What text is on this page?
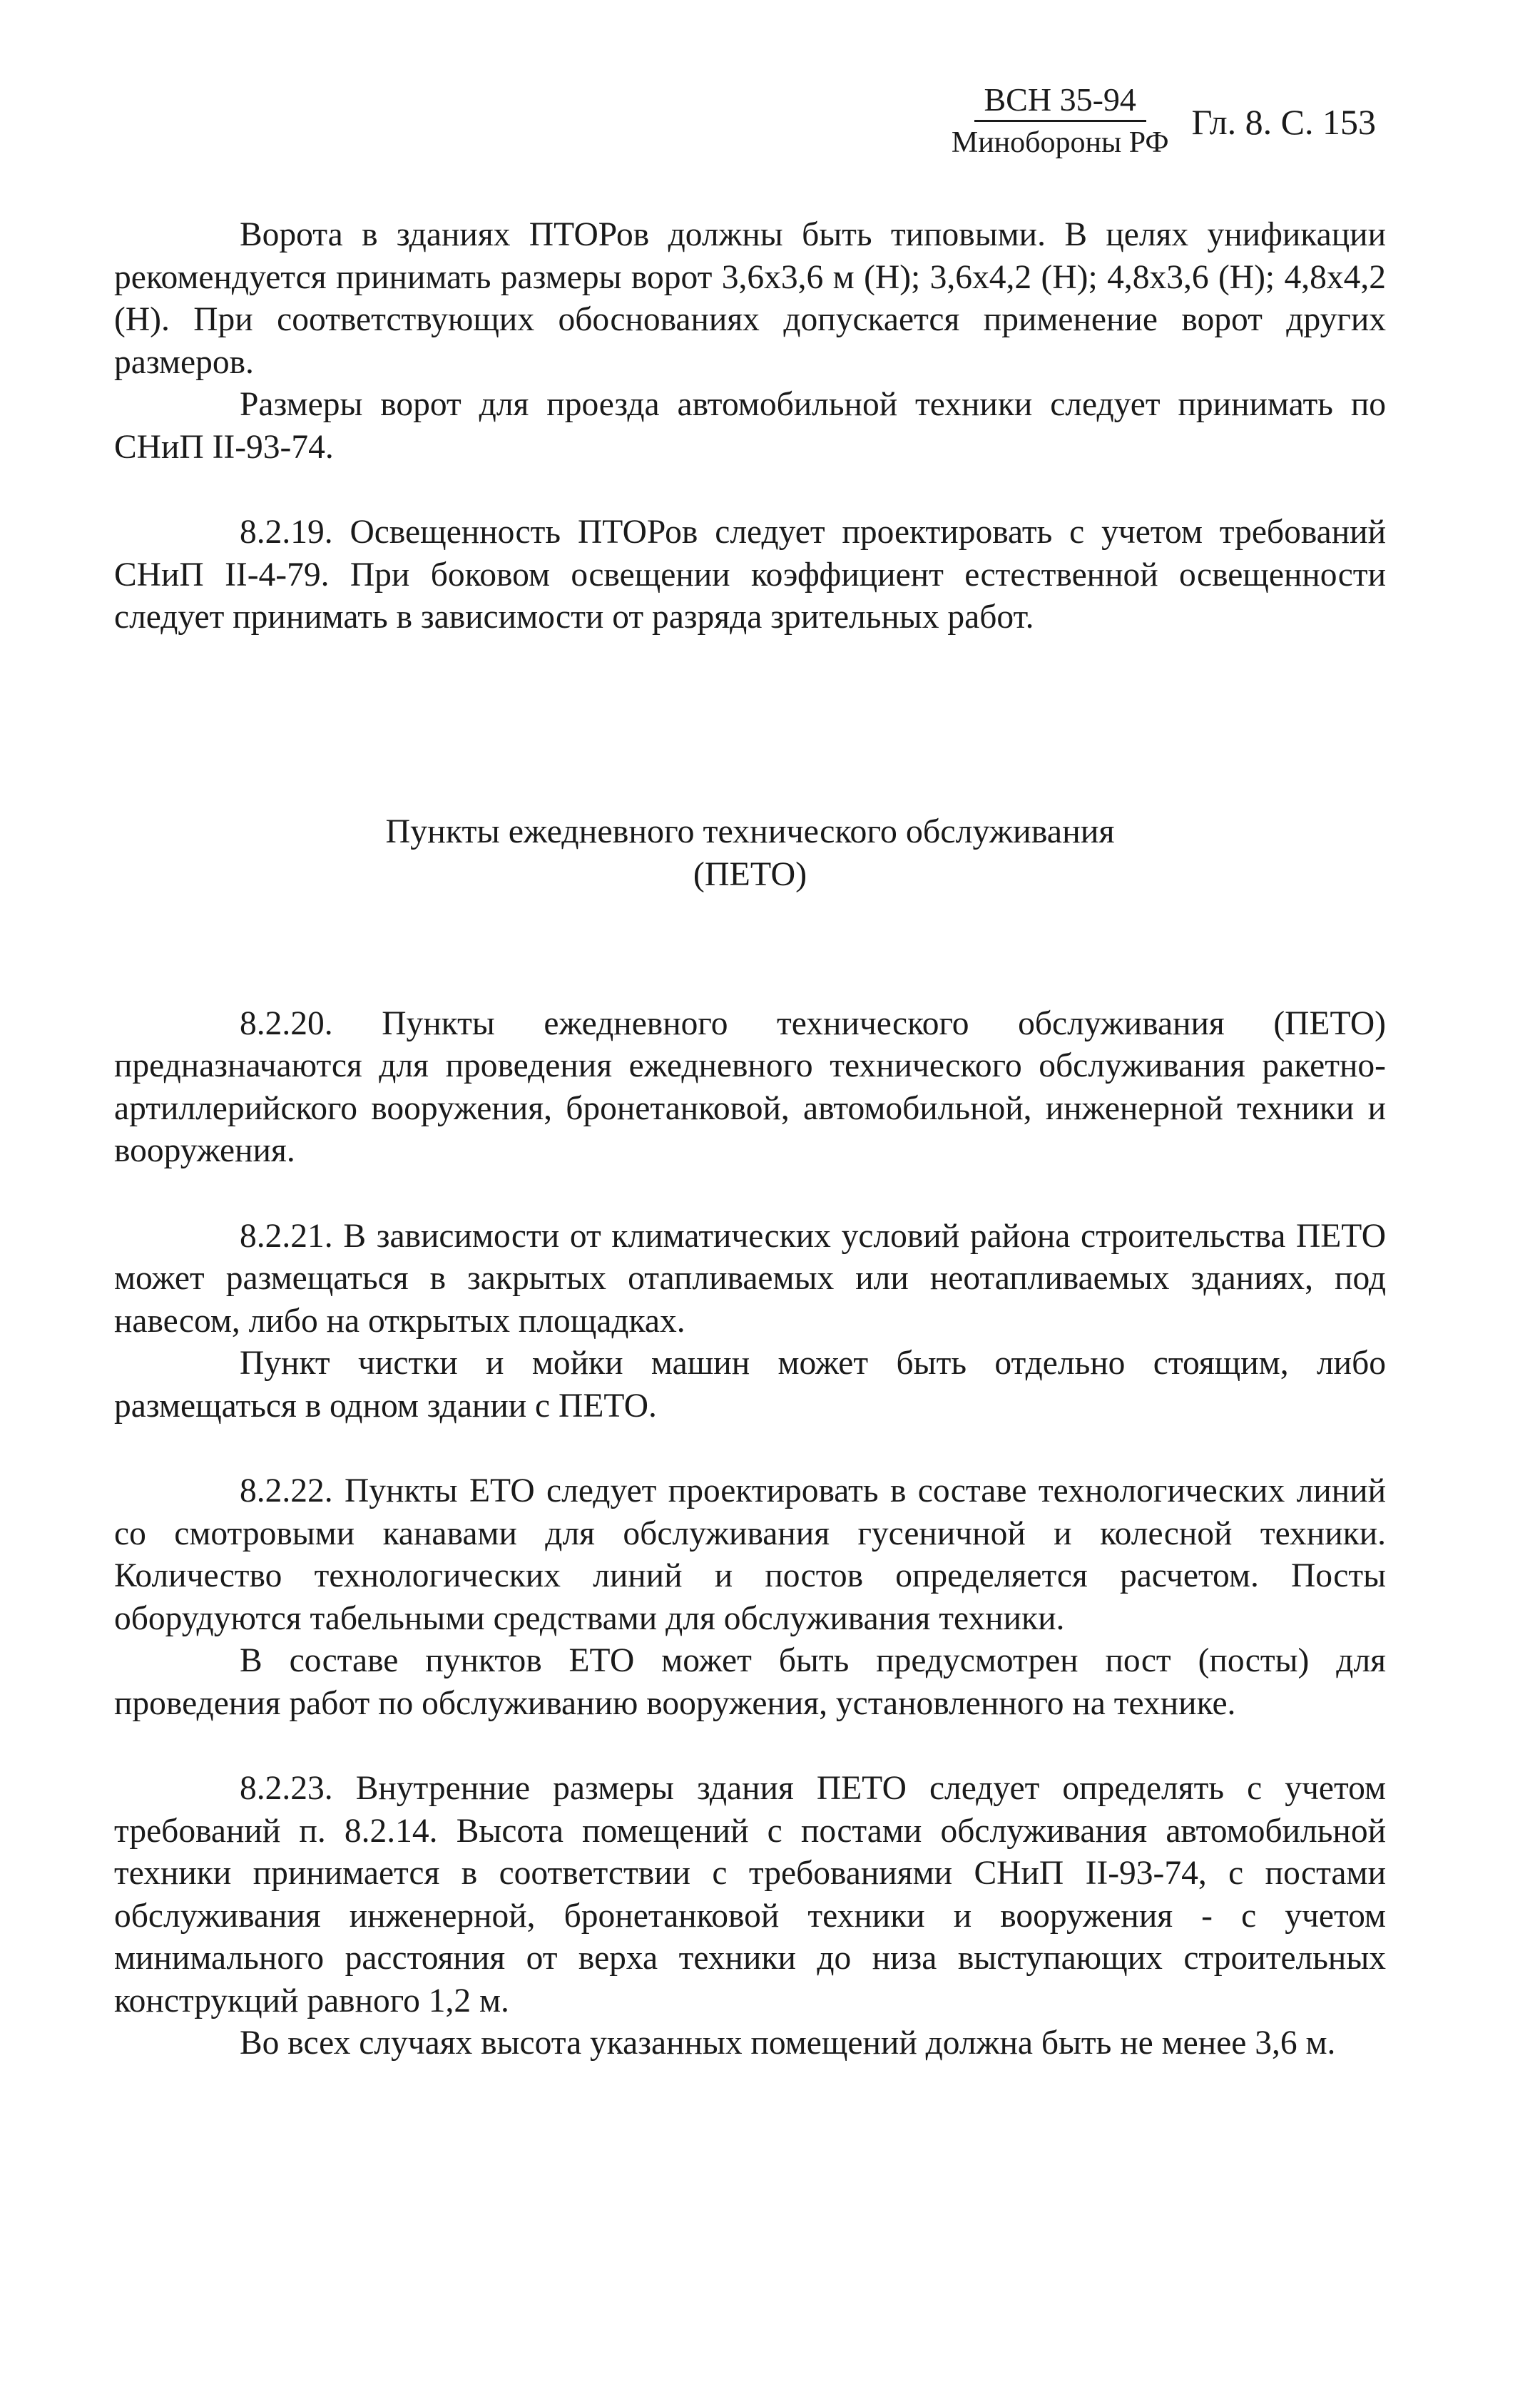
ВСН 35-94
Минобороны РФ
Гл. 8. С. 153

Ворота в зданиях ПТОРов должны быть типовыми. В целях унификации рекомендуется принимать размеры ворот 3,6х3,6 м (Н); 3,6х4,2 (Н); 4,8х3,6 (Н); 4,8х4,2 (Н). При соответствующих обоснованиях допускается применение ворот других размеров.

Размеры ворот для проезда автомобильной техники следует принимать по СНиП II-93-74.

8.2.19. Освещенность ПТОРов следует проектировать с учетом требований СНиП II-4-79. При боковом освещении коэффициент естественной освещенности следует принимать в зависимости от разряда зрительных работ.

Пункты ежедневного технического обслуживания

(ПЕТО)

8.2.20. Пункты ежедневного технического обслуживания (ПЕТО) предназначаются для проведения ежедневного технического обслуживания ракетно-артиллерийского вооружения, бронетанковой, автомобильной, инженерной техники и вооружения.

8.2.21. В зависимости от климатических условий района строительства ПЕТО может размещаться в закрытых отапливаемых или неотапливаемых зданиях, под навесом, либо на открытых площадках.

Пункт чистки и мойки машин может быть отдельно стоящим, либо размещаться в одном здании с ПЕТО.

8.2.22. Пункты ЕТО следует проектировать в составе технологических линий со смотровыми канавами для обслуживания гусеничной и колесной техники. Количество технологических линий и постов определяется расчетом. Посты оборудуются табельными средствами для обслуживания техники.

В составе пунктов ЕТО может быть предусмотрен пост (посты) для проведения работ по обслуживанию вооружения, установленного на технике.

8.2.23. Внутренние размеры здания ПЕТО следует определять с учетом требований п. 8.2.14. Высота помещений с постами обслуживания автомобильной техники принимается в соответствии с требованиями СНиП II-93-74, с постами обслуживания инженерной, бронетанковой техники и вооружения - с учетом минимального расстояния от верха техники до низа выступающих строительных конструкций равного 1,2 м.

Во всех случаях высота указанных помещений должна быть не менее 3,6 м.
